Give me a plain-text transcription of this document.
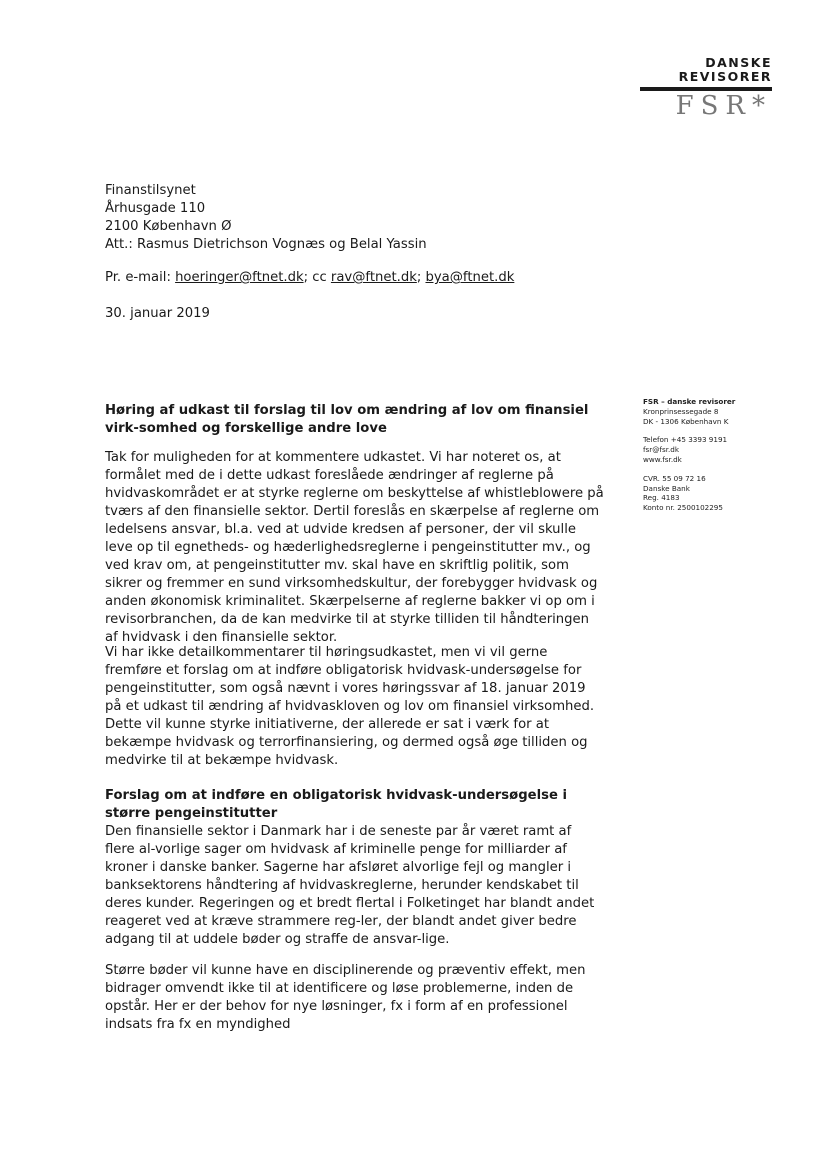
DANSKE
REVISORER
FSR*
Finanstilsynet
Århusgade 110
2100 København Ø
Att.: Rasmus Dietrichson Vognæs og Belal Yassin
Pr. e-mail: hoeringer@ftnet.dk; cc rav@ftnet.dk; bya@ftnet.dk
30. januar 2019
Høring af udkast til forslag til lov om ændring af lov om finansiel virk-somhed og forskellige andre love
FSR – danske revisorer
Kronprinsessegade 8
DK - 1306 København K
Telefon +45 3393 9191
fsr@fsr.dk
www.fsr.dk
CVR. 55 09 72 16
Danske Bank
Reg. 4183
Konto nr. 2500102295

Tak for muligheden for at kommentere udkastet. Vi har noteret os, at formålet med de i dette udkast foreslåede ændringer af reglerne på hvidvaskområdet er at styrke reglerne om beskyttelse af whistleblowere på tværs af den finansielle sektor. Dertil foreslås en skærpelse af reglerne om ledelsens ansvar, bl.a. ved at udvide kredsen af personer, der vil skulle leve op til egnetheds- og hæderlighedsreglerne i pengeinstitutter mv., og ved krav om, at pengeinstitutter mv. skal have en skriftlig politik, som sikrer og fremmer en sund virksomhedskultur, der forebygger hvidvask og anden økonomisk kriminalitet. Skærpelserne af reglerne bakker vi op om i revisorbranchen, da de kan medvirke til at styrke tilliden til håndteringen af hvidvask i den finansielle sektor.

Vi har ikke detailkommentarer til høringsudkastet, men vi vil gerne fremføre et forslag om at indføre obligatorisk hvidvask-undersøgelse for pengeinstitutter, som også nævnt i vores høringssvar af 18. januar 2019 på et udkast til ændring af hvidvaskloven og lov om finansiel virksomhed. Dette vil kunne styrke initiativerne, der allerede er sat i værk for at bekæmpe hvidvask og terrorfinansiering, og dermed også øge tilliden og medvirke til at bekæmpe hvidvask.

Forslag om at indføre en obligatorisk hvidvask-undersøgelse i større pengeinstitutter

Den finansielle sektor i Danmark har i de seneste par år været ramt af flere al-vorlige sager om hvidvask af kriminelle penge for milliarder af kroner i danske banker. Sagerne har afsløret alvorlige fejl og mangler i banksektorens håndtering af hvidvaskreglerne, herunder kendskabet til deres kunder. Regeringen og et bredt flertal i Folketinget har blandt andet reageret ved at kræve strammere reg-ler, der blandt andet giver bedre adgang til at uddele bøder og straffe de ansvar-lige.

Større bøder vil kunne have en disciplinerende og præventiv effekt, men bidrager omvendt ikke til at identificere og løse problemerne, inden de opstår. Her er der behov for nye løsninger, fx i form af en professionel indsats fra fx en myndighed
